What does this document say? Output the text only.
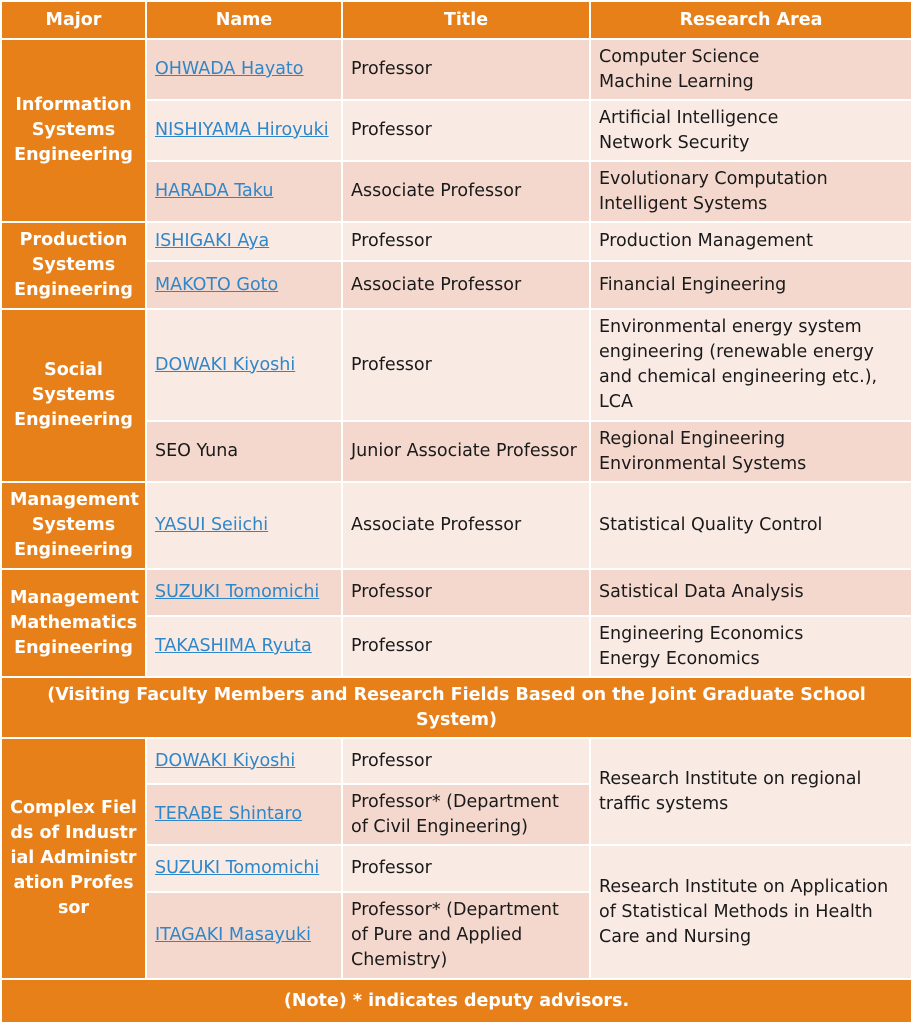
Major	Name	Title	Research Area
Information Systems Engineering	OHWADA Hayato	Professor	Computer Science
Machine Learning
	NISHIYAMA Hiroyuki	Professor	Artificial Intelligence
Network Security
	HARADA Taku	Associate Professor	Evolutionary Computation
Intelligent Systems
Production Systems Engineering	ISHIGAKI Aya	Professor	Production Management
	MAKOTO Goto	Associate Professor	Financial Engineering
Social Systems Engineering	DOWAKI Kiyoshi	Professor	Environmental energy system engineering (renewable energy and chemical engineering etc.), LCA
	SEO Yuna	Junior Associate Professor	Regional Engineering
Environmental Systems
Management Systems Engineering	YASUI Seiichi	Associate Professor	Statistical Quality Control
Management Mathematics Engineering	SUZUKI Tomomichi	Professor	Satistical Data Analysis
	TAKASHIMA Ryuta	Professor	Engineering Economics
Energy Economics
(Visiting Faculty Members and Research Fields Based on the Joint Graduate School System)			
Complex Fields of Industrial Administration Professor	DOWAKI Kiyoshi	Professor	Research Institute on regional traffic systems
	TERABE Shintaro	Professor* (Department of Civil Engineering)	
	SUZUKI Tomomichi	Professor	Research Institute on Application of Statistical Methods in Health Care and Nursing
	ITAGAKI Masayuki	Professor* (Department of Pure and Applied Chemistry)	
(Note) * indicates deputy advisors.			
